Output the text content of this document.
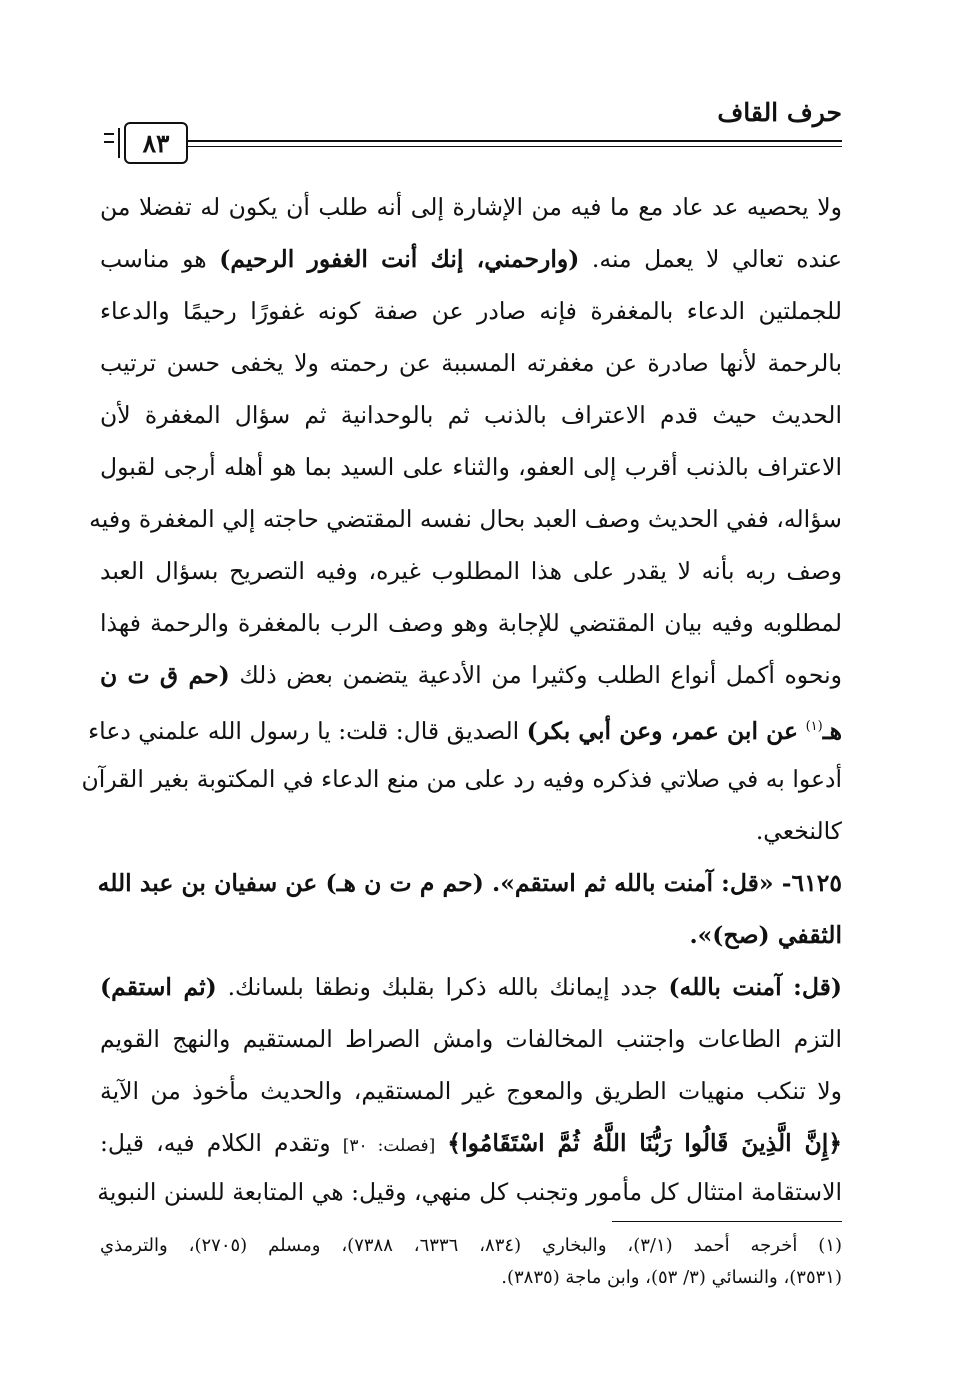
حرف القاف
٨٣
ولا يحصيه عد عاد مع ما فيه من الإشارة إلى أنه طلب أن يكون له تفضلا من
عنده تعالي لا يعمل منه. (وارحمني، إنك أنت الغفور الرحيم) هو مناسب
للجملتين الدعاء بالمغفرة فإنه صادر عن صفة كونه غفورًا رحيمًا والدعاء
بالرحمة لأنها صادرة عن مغفرته المسببة عن رحمته ولا يخفى حسن ترتيب
الحديث حيث قدم الاعتراف بالذنب ثم بالوحدانية ثم سؤال المغفرة لأن
الاعتراف بالذنب أقرب إلى العفو، والثناء على السيد بما هو أهله أرجى لقبول
سؤاله، ففي الحديث وصف العبد بحال نفسه المقتضي حاجته إلي المغفرة وفيه
وصف ربه بأنه لا يقدر على هذا المطلوب غيره، وفيه التصريح بسؤال العبد
لمطلوبه وفيه بيان المقتضي للإجابة وهو وصف الرب بالمغفرة والرحمة فهذا
ونحوه أكمل أنواع الطلب وكثيرا من الأدعية يتضمن بعض ذلك (حم ق ت ن
هـ$^{(١)}$ عن ابن عمر، وعن أبي بكر) الصديق قال: قلت: يا رسول الله علمني دعاء
أدعوا به في صلاتي فذكره وفيه رد على من منع الدعاء في المكتوبة بغير القرآن
كالنخعي.
٦١٢٥- «قل: آمنت بالله ثم استقم». (حم م ت ن هـ) عن سفيان بن عبد الله
الثقفي (صح)».
(قل: آمنت بالله) جدد إيمانك بالله ذكرا بقلبك ونطقا بلسانك. (ثم استقم)
التزم الطاعات واجتنب المخالفات وامش الصراط المستقيم والنهج القويم
ولا تنكب منهيات الطريق والمعوج غير المستقيم، والحديث مأخوذ من الآية
﴿إِنَّ الَّذِينَ قَالُوا رَبُّنَا اللَّهُ ثُمَّ اسْتَقَامُوا﴾ [فصلت: ٣٠] وتقدم الكلام فيه، قيل:
الاستقامة امتثال كل مأمور وتجنب كل منهي، وقيل: هي المتابعة للسنن النبوية
(١) أخرجه أحمد (٣/١)، والبخاري (٨٣٤، ٦٣٣٦، ٧٣٨٨)، ومسلم (٢٧٠٥)، والترمذي
(٣٥٣١)، والنسائي (٣/ ٥٣)، وابن ماجة (٣٨٣٥).
